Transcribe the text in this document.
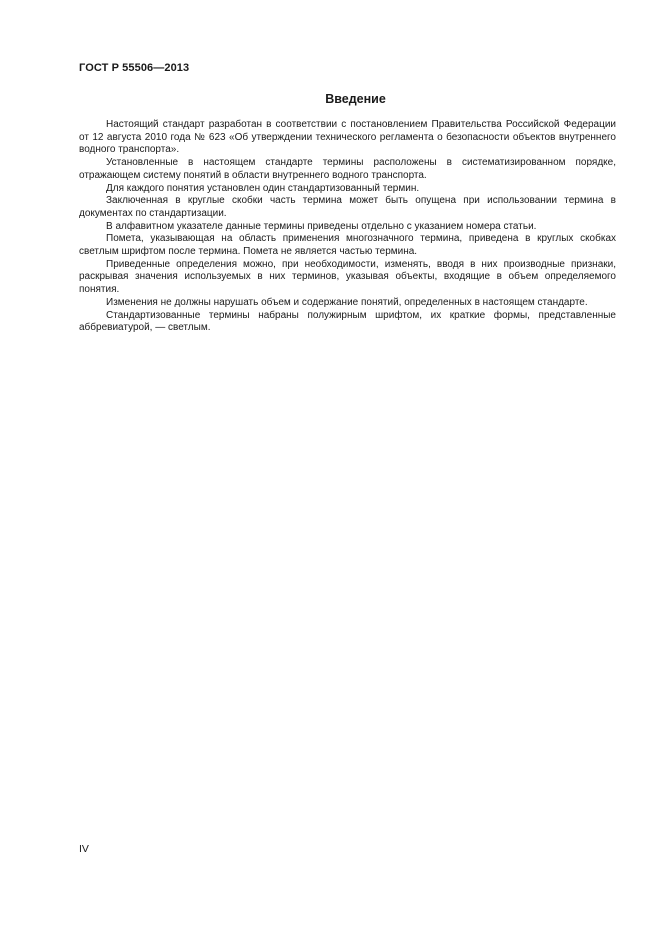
ГОСТ Р 55506—2013
Введение

Настоящий стандарт разработан в соответствии с постановлением Правительства Российской Федерации от 12 августа 2010 года № 623 «Об утверждении технического регламента о безопасности объектов внутреннего водного транспорта».

Установленные в настоящем стандарте термины расположены в систематизированном порядке, отражающем систему понятий в области внутреннего водного транспорта.

Для каждого понятия установлен один стандартизованный термин.

Заключенная в круглые скобки часть термина может быть опущена при использовании термина в документах по стандартизации.

В алфавитном указателе данные термины приведены отдельно с указанием номера статьи.

Помета, указывающая на область применения многозначного термина, приведена в круглых скобках светлым шрифтом после термина. Помета не является частью термина.

Приведенные определения можно, при необходимости, изменять, вводя в них производные признаки, раскрывая значения используемых в них терминов, указывая объекты, входящие в объем определяемого понятия.

Изменения не должны нарушать объем и содержание понятий, определенных в настоящем стандарте.

Стандартизованные термины набраны полужирным шрифтом, их краткие формы, представленные аббревиатурой, — светлым.

IV
